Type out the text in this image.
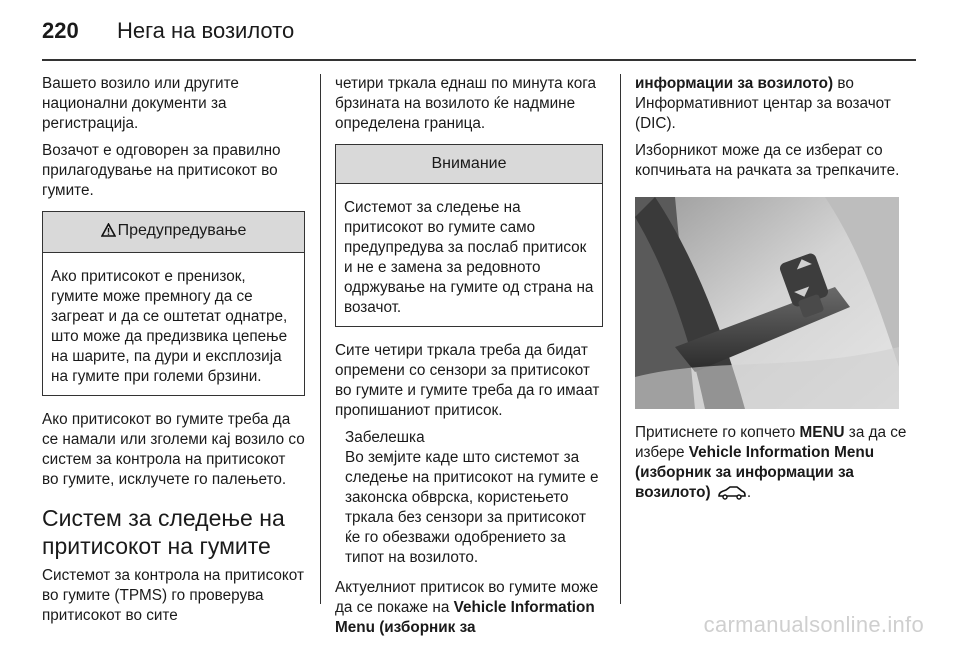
220 Нега на возилото

Вашето возило или другите национални документи за регистрација.

Возачот е одговорен за правилно прилагодување на притисокот во гумите.

Предупредување
Ако притисокот е пренизок, гумите може премногу да се загреат и да се оштетат однатре, што може да предизвика цепење на шарите, па дури и експлозија на гумите при големи брзини.

Ако притисокот во гумите треба да се намали или зголеми кај возило со систем за контрола на притисокот во гумите, исклучете го палењето.

Систем за следење на притисокот на гумите

Системот за контрола на притисокот во гумите (TPMS) го проверува притисокот во сите

четири тркала еднаш по минута кога брзината на возилото ќе надмине определена граница.

Внимание
Системот за следење на притисокот во гумите само предупредува за послаб притисок и не е замена за редовното одржување на гумите од страна на возачот.

Сите четири тркала треба да бидат опремени со сензори за притисокот во гумите и гумите треба да го имаат пропишаниот притисок.

Забелешка
Во земјите каде што системот за следење на притисокот на гумите е законска обврска, користењето тркала без сензори за притисокот ќе го обезважи одобрението за типот на возилото.

Актуелниот притисок во гумите може да се покаже на Vehicle Information Menu (изборник за

информации за возилото) во Информативниот центар за возачот (DIC).

Изборникот може да се изберат со копчињата на рачката за трепкачите.

Притиснете го копчето MENU за да се избере Vehicle Information Menu (изборник за информации за возилото) .

carmanualsonline.info
